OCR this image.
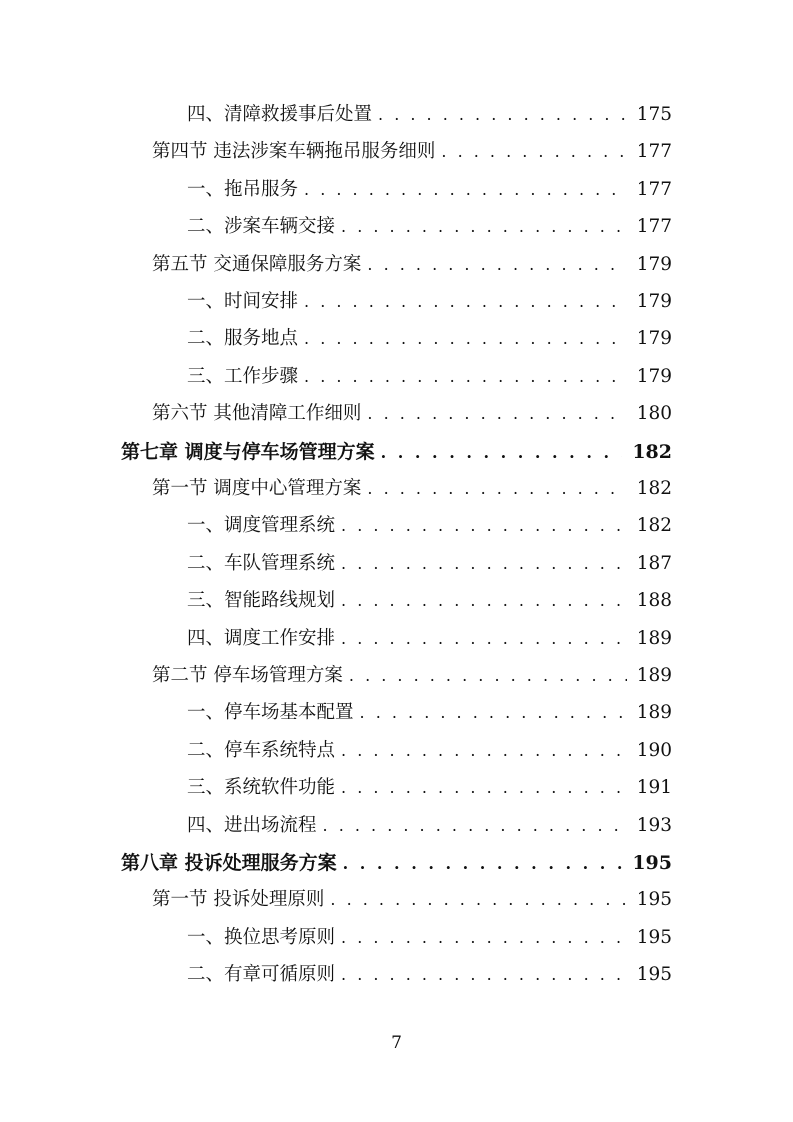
四、清障救援事后处置 . . .	175
第四节 违法涉案车辆拖吊服务细则 . . .	177
一、拖吊服务 . . .	177
二、涉案车辆交接 . . .	177
第五节 交通保障服务方案 . . .	179
一、时间安排 . . .	179
二、服务地点 . . .	179
三、工作步骤 . . .	179
第六节 其他清障工作细则 . . .	180
第七章 调度与停车场管理方案 . . .	182
第一节 调度中心管理方案 . . .	182
一、调度管理系统 . . .	182
二、车队管理系统 . . .	187
三、智能路线规划 . . .	188
四、调度工作安排 . . .	189
第二节 停车场管理方案 . . .	189
一、停车场基本配置 . . .	189
二、停车系统特点 . . .	190
三、系统软件功能 . . .	191
四、进出场流程 . . .	193
第八章 投诉处理服务方案 . . .	195
第一节 投诉处理原则 . . .	195
一、换位思考原则 . . .	195
二、有章可循原则 . . .	195
7
